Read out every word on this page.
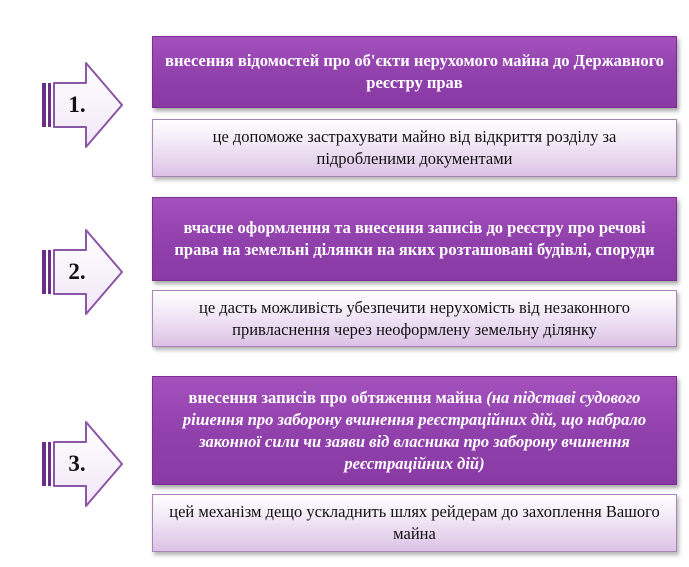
1.
внесення відомостей про об'єкти нерухомого майна до Державного реєстру прав
це допоможе застрахувати майно від відкриття розділу за підробленими документами
2.
вчасне оформлення та внесення записів до реєстру про речові права на земельні ділянки на яких розташовані будівлі, споруди
це дасть можливість убезпечити нерухомість від незаконного привласнення через неоформлену земельну ділянку
3.
внесення записів про обтяження майна (на підставі судового рішення про заборону вчинення реєстраційних дій, що набрало законної сили чи заяви від власника про заборону вчинення реєстраційних дій)
цей механізм дещо ускладнить шлях рейдерам до захоплення Вашого майна
